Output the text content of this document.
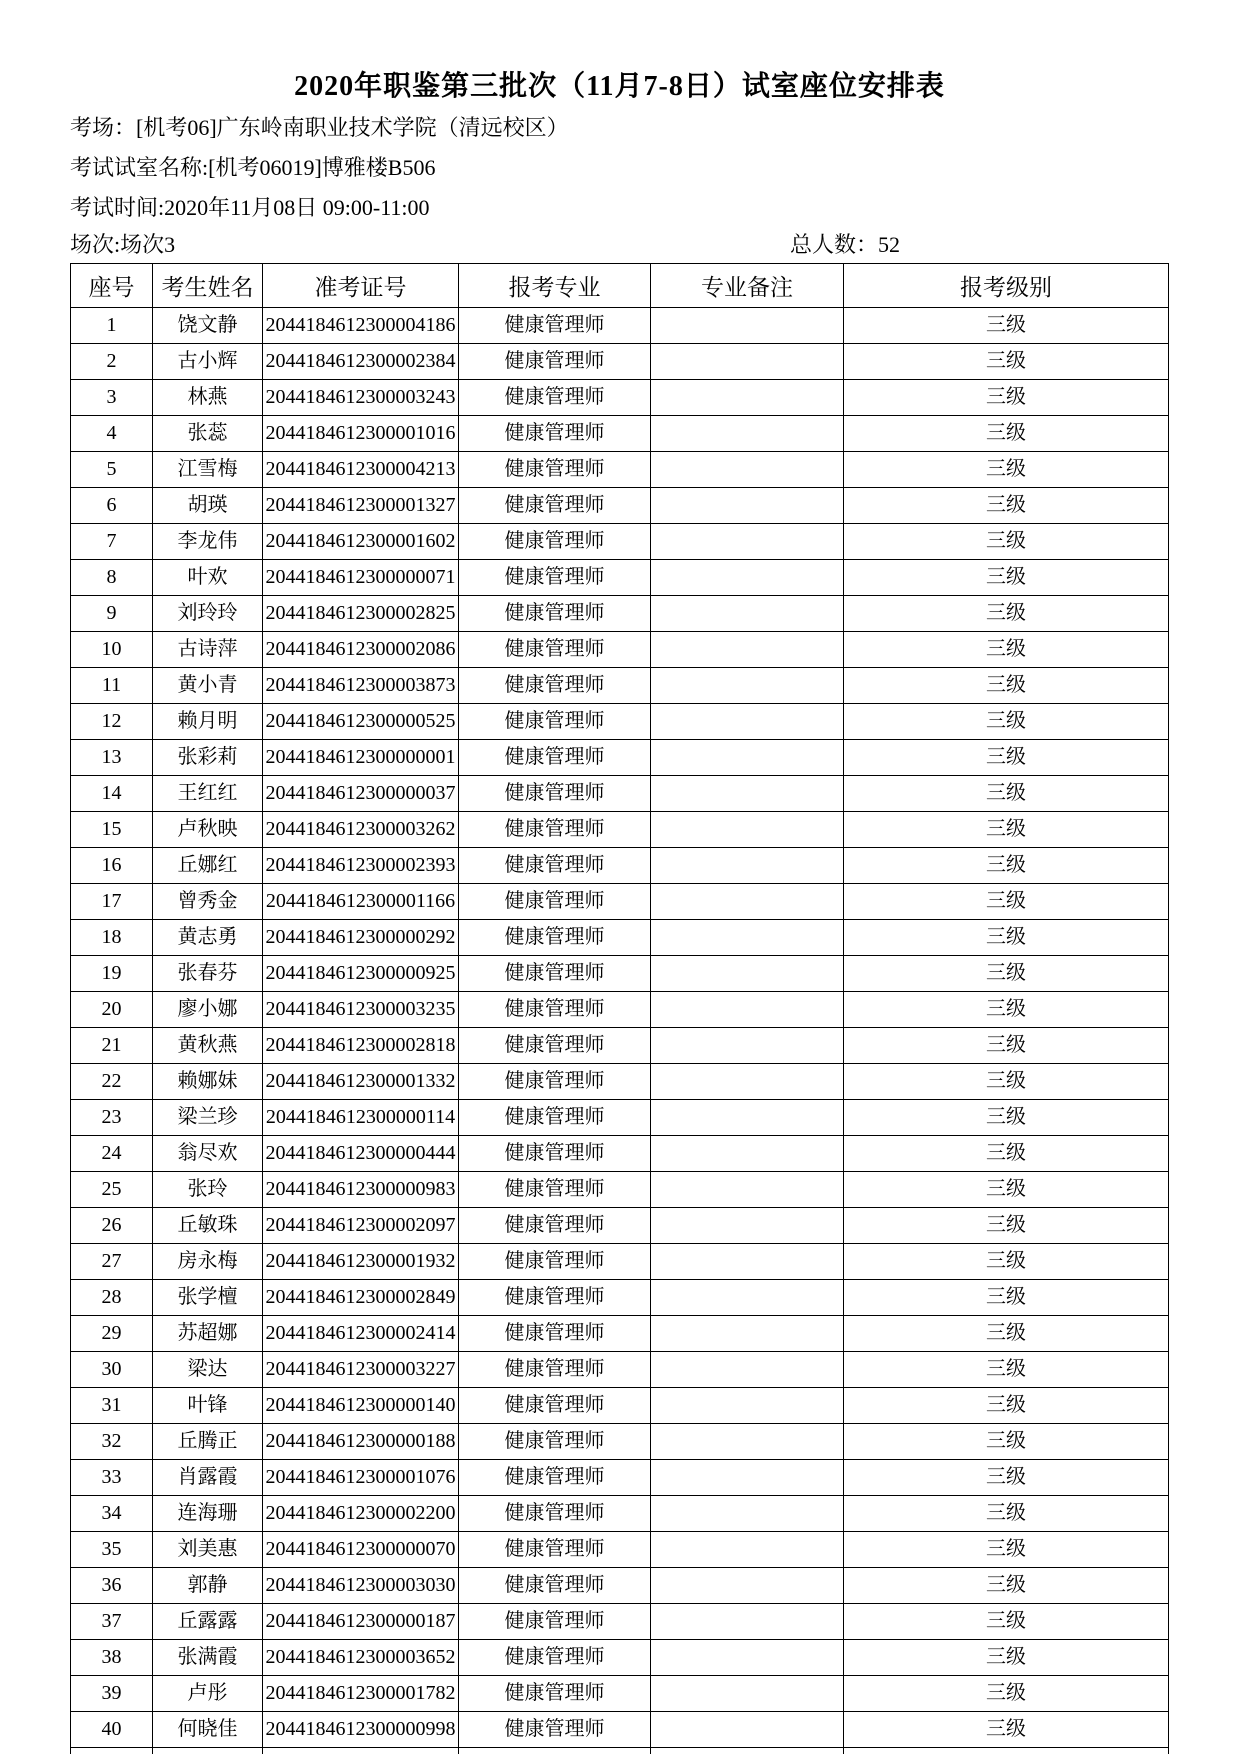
2020年职鉴第三批次（11月7-8日）试室座位安排表
考场：[机考06]广东岭南职业技术学院（清远校区）
考试试室名称:[机考06019]博雅楼B506
考试时间:2020年11月08日 09:00-11:00
场次:场次3	总人数：52
座号	考生姓名	准考证号	报考专业	专业备注	报考级别
1	饶文静	2044184612300004186	健康管理师		三级
2	古小辉	2044184612300002384	健康管理师		三级
3	林燕	2044184612300003243	健康管理师		三级
4	张蕊	2044184612300001016	健康管理师		三级
5	江雪梅	2044184612300004213	健康管理师		三级
6	胡瑛	2044184612300001327	健康管理师		三级
7	李龙伟	2044184612300001602	健康管理师		三级
8	叶欢	2044184612300000071	健康管理师		三级
9	刘玲玲	2044184612300002825	健康管理师		三级
10	古诗萍	2044184612300002086	健康管理师		三级
11	黄小青	2044184612300003873	健康管理师		三级
12	赖月明	2044184612300000525	健康管理师		三级
13	张彩莉	2044184612300000001	健康管理师		三级
14	王红红	2044184612300000037	健康管理师		三级
15	卢秋映	2044184612300003262	健康管理师		三级
16	丘娜红	2044184612300002393	健康管理师		三级
17	曾秀金	2044184612300001166	健康管理师		三级
18	黄志勇	2044184612300000292	健康管理师		三级
19	张春芬	2044184612300000925	健康管理师		三级
20	廖小娜	2044184612300003235	健康管理师		三级
21	黄秋燕	2044184612300002818	健康管理师		三级
22	赖娜妹	2044184612300001332	健康管理师		三级
23	梁兰珍	2044184612300000114	健康管理师		三级
24	翁尽欢	2044184612300000444	健康管理师		三级
25	张玲	2044184612300000983	健康管理师		三级
26	丘敏珠	2044184612300002097	健康管理师		三级
27	房永梅	2044184612300001932	健康管理师		三级
28	张学檀	2044184612300002849	健康管理师		三级
29	苏超娜	2044184612300002414	健康管理师		三级
30	梁达	2044184612300003227	健康管理师		三级
31	叶锋	2044184612300000140	健康管理师		三级
32	丘腾正	2044184612300000188	健康管理师		三级
33	肖露霞	2044184612300001076	健康管理师		三级
34	连海珊	2044184612300002200	健康管理师		三级
35	刘美惠	2044184612300000070	健康管理师		三级
36	郭静	2044184612300003030	健康管理师		三级
37	丘露露	2044184612300000187	健康管理师		三级
38	张满霞	2044184612300003652	健康管理师		三级
39	卢彤	2044184612300001782	健康管理师		三级
40	何晓佳	2044184612300000998	健康管理师		三级
